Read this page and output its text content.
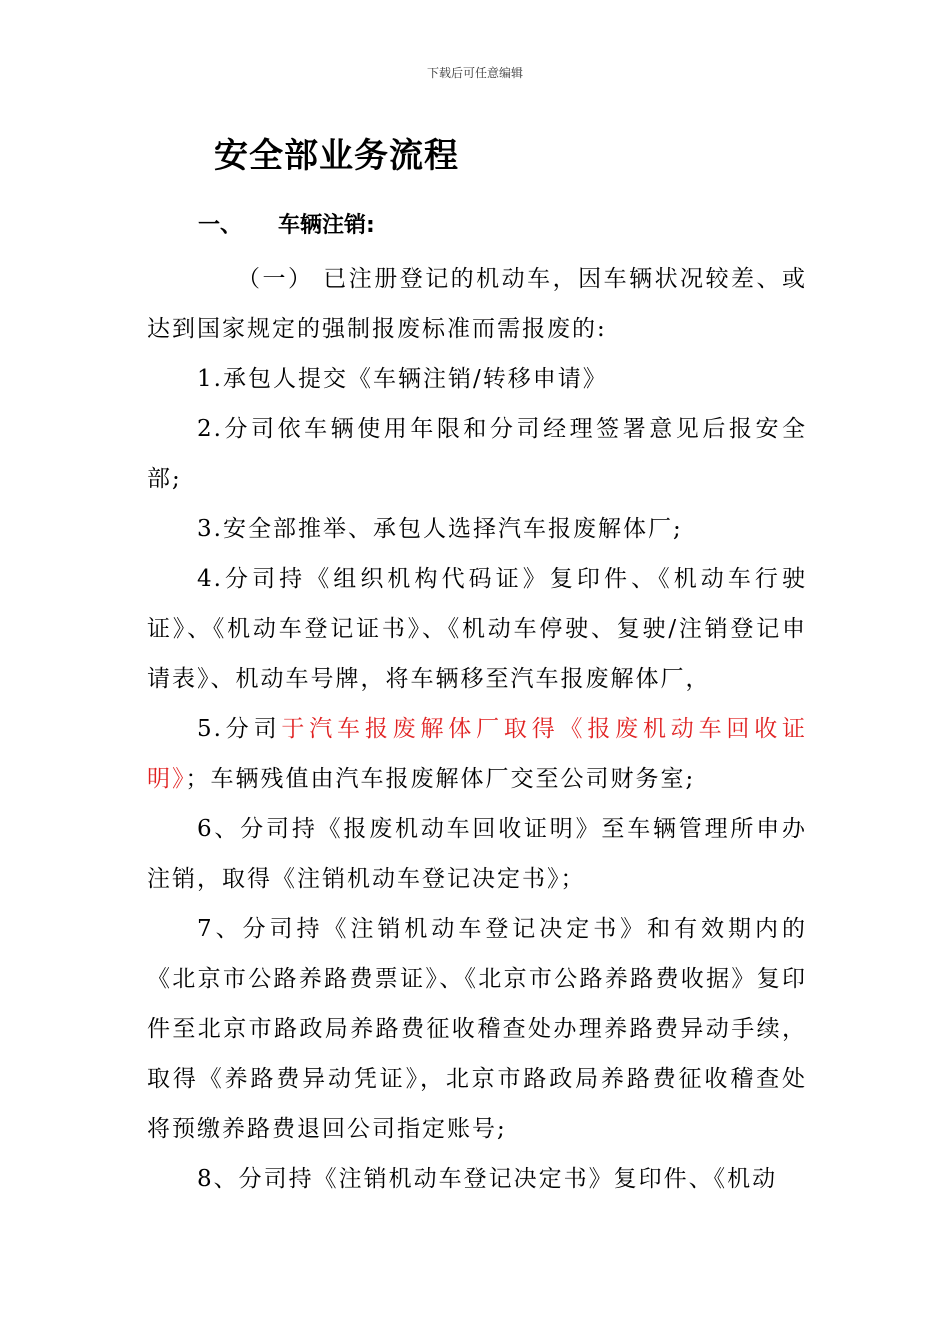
下载后可任意编辑
安全部业务流程
一、 车辆注销:

（一） 已注册登记的机动车，因车辆状况较差、或达到国家规定的强制报废标准而需报废的:

1.承包人提交《车辆注销/转移申请》

2.分司依车辆使用年限和分司经理签署意见后报安全部;

3.安全部推举、承包人选择汽车报废解体厂;

4.分司持《组织机构代码证》复印件、《机动车行驶证》、《机动车登记证书》、《机动车停驶、复驶/注销登记申请表》、机动车号牌，将车辆移至汽车报废解体厂，

5.分司于汽车报废解体厂取得《报废机动车回收证明》；车辆残值由汽车报废解体厂交至公司财务室;

6、分司持《报废机动车回收证明》至车辆管理所申办注销，取得《注销机动车登记决定书》；

7、分司持《注销机动车登记决定书》和有效期内的《北京市公路养路费票证》、《北京市公路养路费收据》复印件至北京市路政局养路费征收稽查处办理养路费异动手续，取得《养路费异动凭证》，北京市路政局养路费征收稽查处将预缴养路费退回公司指定账号;

8、分司持《注销机动车登记决定书》复印件、《机动
